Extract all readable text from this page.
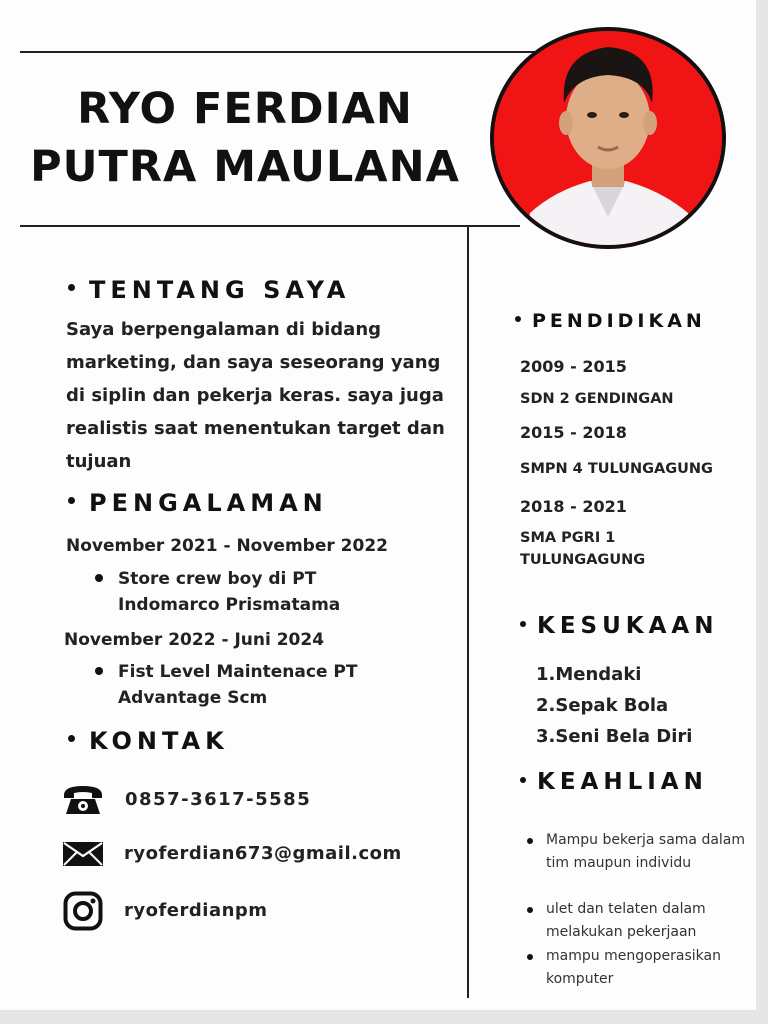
RYO FERDIAN
PUTRA MAULANA
TENTANG SAYA

Saya berpengalaman di bidang marketing, dan saya seseorang yang di siplin dan pekerja keras. saya juga realistis saat menentukan target dan tujuan

PENGALAMAN

November 2021 - November 2022

Store crew boy di PT Indomarco Prismatama

November 2022 - Juni 2024

Fist Level Maintenace PT Advantage Scm

KONTAK

0857-3617-5585

ryoferdian673@gmail.com

ryoferdianpm

PENDIDIKAN

2009 - 2015

SDN 2 GENDINGAN

2015 - 2018

SMPN 4 TULUNGAGUNG

2018 - 2021

SMA PGRI 1 TULUNGAGUNG

KESUKAAN

1.Mendaki

2.Sepak Bola

3.Seni Bela Diri

KEAHLIAN

Mampu bekerja sama dalam tim maupun individu

ulet dan telaten dalam melakukan pekerjaan

mampu mengoperasikan komputer
